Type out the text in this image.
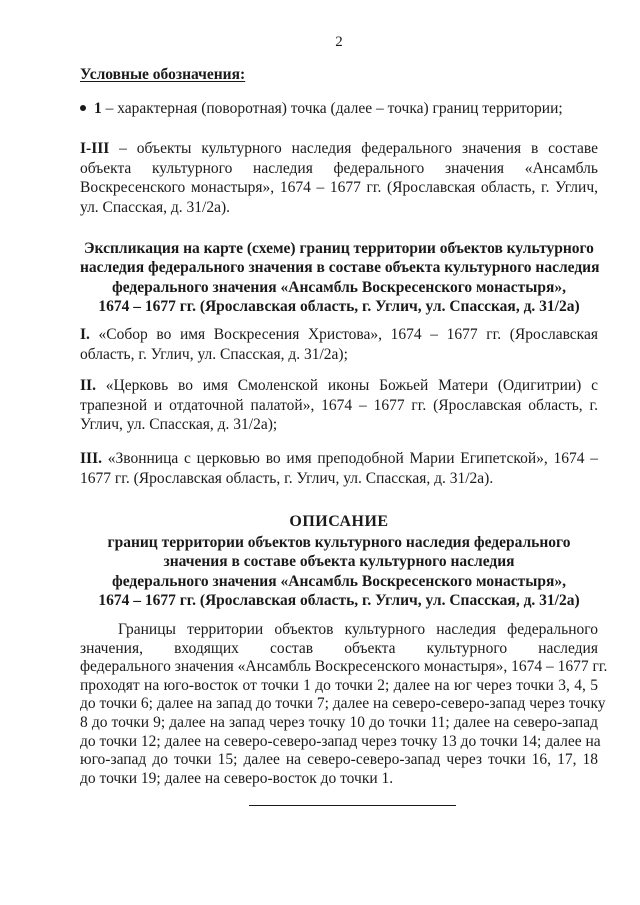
2
Условные обозначения:
1 – характерная (поворотная) точка (далее – точка) границ территории;
I-III – объекты культурного наследия федерального значения в составе объекта культурного наследия федерального значения «Ансамбль Воскресенского монастыря», 1674 – 1677 гг. (Ярославская область, г. Углич, ул. Спасская, д. 31/2а).
Экспликация на карте (схеме) границ территории объектов культурного
наследия федерального значения в составе объекта культурного наследия
федерального значения «Ансамбль Воскресенского монастыря»,
1674 – 1677 гг. (Ярославская область, г. Углич, ул. Спасская, д. 31/2а)
I. «Собор во имя Воскресения Христова», 1674 – 1677 гг. (Ярославская область, г. Углич, ул. Спасская, д. 31/2а);
II. «Церковь во имя Смоленской иконы Божьей Матери (Одигитрии) с трапезной и отдаточной палатой», 1674 – 1677 гг. (Ярославская область, г. Углич, ул. Спасская, д. 31/2а);
III. «Звонница с церковью во имя преподобной Марии Египетской», 1674 – 1677 гг. (Ярославская область, г. Углич, ул. Спасская, д. 31/2а).
ОПИСАНИЕ
границ территории объектов культурного наследия федерального
значения в составе объекта культурного наследия
федерального значения «Ансамбль Воскресенского монастыря»,
1674 – 1677 гг. (Ярославская область, г. Углич, ул. Спасская, д. 31/2а)
Границы территории объектов культурного наследия федерального
значения, входящих состав объекта культурного наследия
федерального значения «Ансамбль Воскресенского монастыря», 1674 – 1677 гг.
проходят на юго-восток от точки 1 до точки 2; далее на юг через точки 3, 4, 5
до точки 6; далее на запад до точки 7; далее на северо-северо-запад через точку
8 до точки 9; далее на запад через точку 10 до точки 11; далее на северо-запад
до точки 12; далее на северо-северо-запад через точку 13 до точки 14; далее на
юго-запад до точки 15; далее на северо-северо-запад через точки 16, 17, 18
до точки 19; далее на северо-восток до точки 1.
